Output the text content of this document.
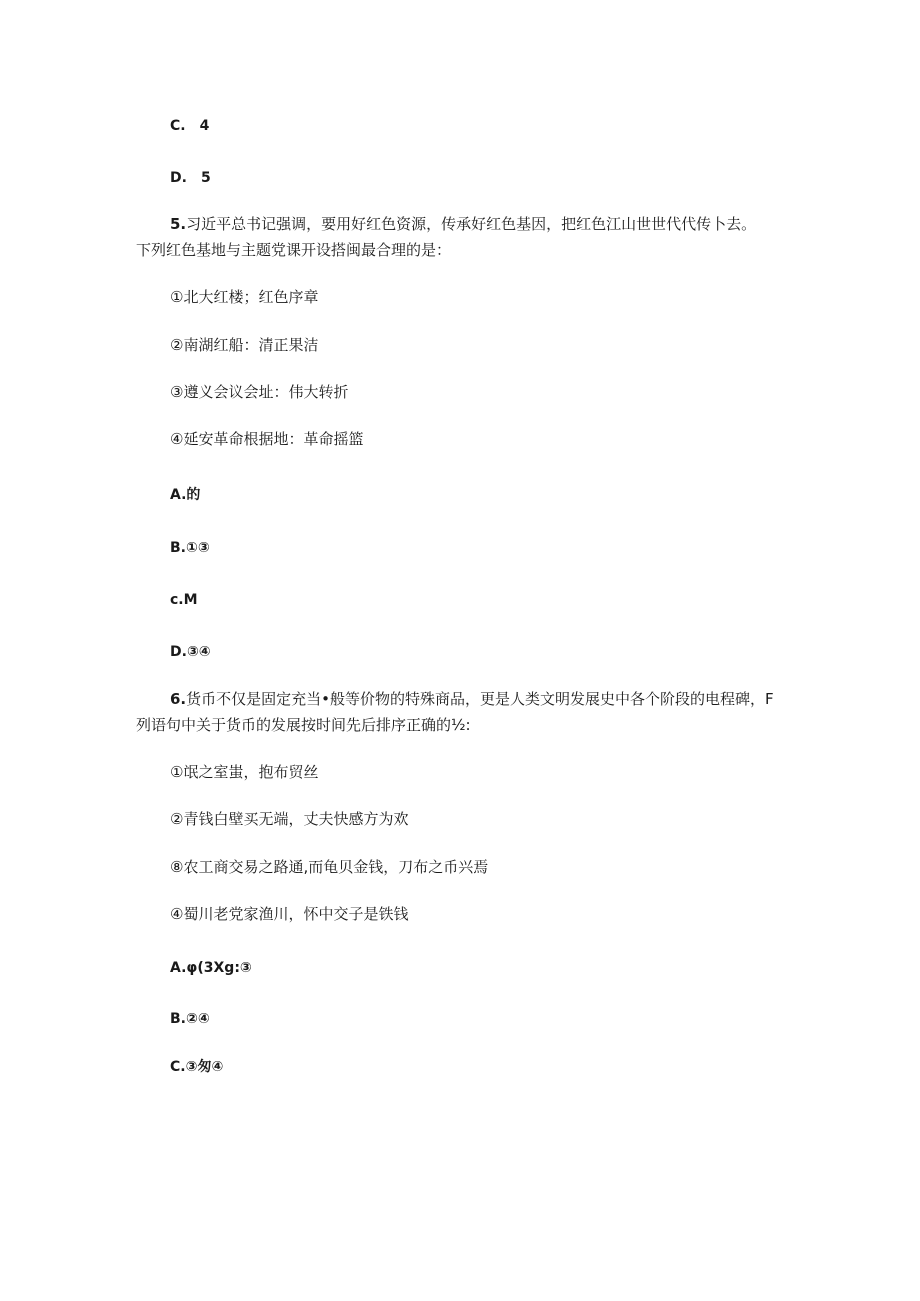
C. 4
D. 5
5.习近平总书记强调，要用好红色资源，传承好红色基因，把红色江山世世代代传卜去。
下列红色基地与主题党课开设搭闽最合理的是：
①北大红楼；红色序章
②南湖红船：清正果洁
③遵义会议会址：伟大转折
④延安革命根据地：革命摇篮
A.的
B.①③
c.M
D.③④
6.货币不仅是固定充当•般等价物的特殊商品，更是人类文明发展史中各个阶段的电程碑，F
列语句中关于货币的发展按时间先后排序正确的½:
①氓之室蚩，抱布贸丝
②青钱白壁买无端，丈夫快感方为欢
⑧农工商交易之路通,而龟贝金钱，刀布之币兴焉
④蜀川老党家渔川，怀中交子是铁钱
A.φ(3Xg:③
B.②④
C.③匆④
